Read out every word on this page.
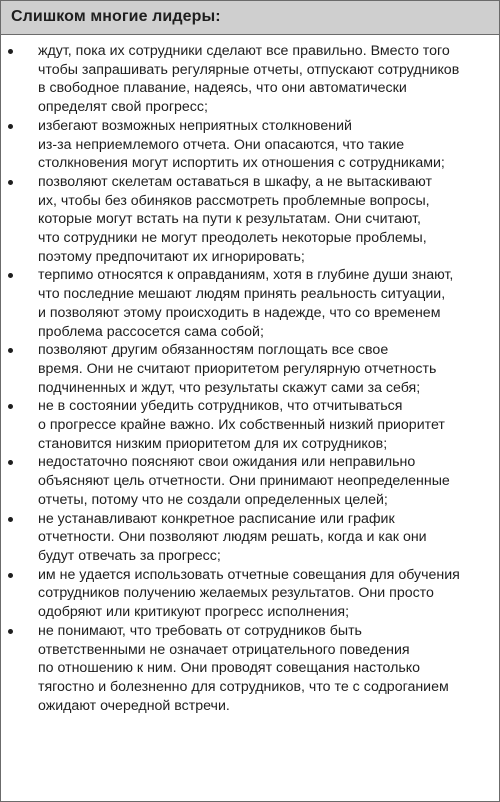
Слишком многие лидеры:
ждут, пока их сотрудники сделают все правильно. Вместо того
чтобы запрашивать регулярные отчеты, отпускают сотрудников
в свободное плавание, надеясь, что они автоматически
определят свой прогресс;
избегают возможных неприятных столкновений
из-за неприемлемого отчета. Они опасаются, что такие
столкновения могут испортить их отношения с сотрудниками;
позволяют скелетам оставаться в шкафу, а не вытаскивают
их, чтобы без обиняков рассмотреть проблемные вопросы,
которые могут встать на пути к результатам. Они считают,
что сотрудники не могут преодолеть некоторые проблемы,
поэтому предпочитают их игнорировать;
терпимо относятся к оправданиям, хотя в глубине души знают,
что последние мешают людям принять реальность ситуации,
и позволяют этому происходить в надежде, что со временем
проблема рассосется сама собой;
позволяют другим обязанностям поглощать все свое
время. Они не считают приоритетом регулярную отчетность
подчиненных и ждут, что результаты скажут сами за себя;
не в состоянии убедить сотрудников, что отчитываться
о прогрессе крайне важно. Их собственный низкий приоритет
становится низким приоритетом для их сотрудников;
недостаточно поясняют свои ожидания или неправильно
объясняют цель отчетности. Они принимают неопределенные
отчеты, потому что не создали определенных целей;
не устанавливают конкретное расписание или график
отчетности. Они позволяют людям решать, когда и как они
будут отвечать за прогресс;
им не удается использовать отчетные совещания для обучения
сотрудников получению желаемых результатов. Они просто
одобряют или критикуют прогресс исполнения;
не понимают, что требовать от сотрудников быть
ответственными не означает отрицательного поведения
по отношению к ним. Они проводят совещания настолько
тягостно и болезненно для сотрудников, что те с содроганием
ожидают очередной встречи.
